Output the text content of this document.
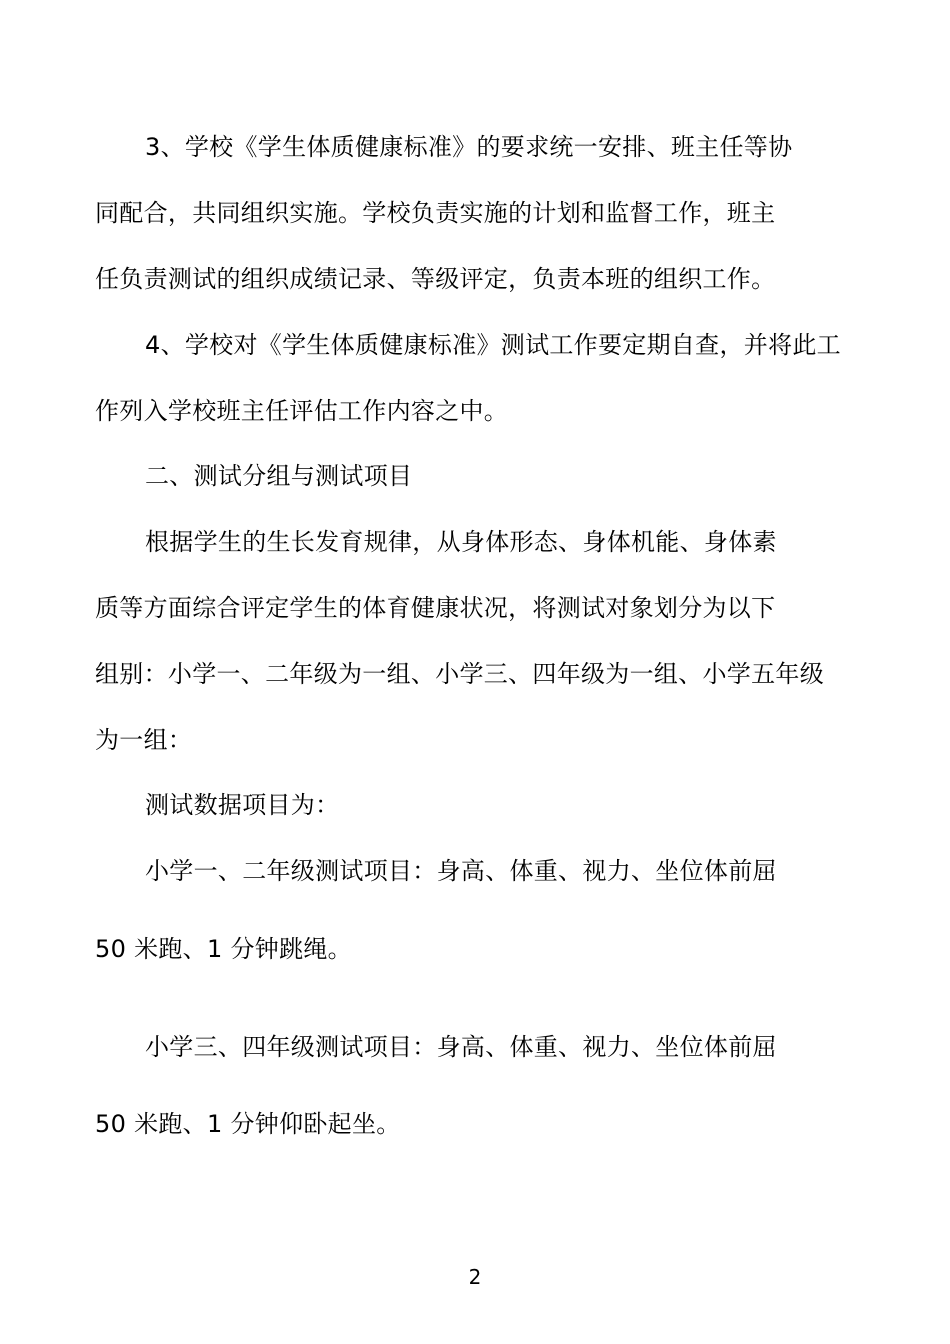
3、学校《学生体质健康标准》的要求统一安排、班主任等协
同配合，共同组织实施。学校负责实施的计划和监督工作，班主
任负责测试的组织成绩记录、等级评定，负责本班的组织工作。
4、学校对《学生体质健康标准》测试工作要定期自查，并将此工
作列入学校班主任评估工作内容之中。
二、测试分组与测试项目
根据学生的生长发育规律，从身体形态、身体机能、身体素
质等方面综合评定学生的体育健康状况，将测试对象划分为以下
组别：小学一、二年级为一组、小学三、四年级为一组、小学五年级
为一组：
测试数据项目为：
小学一、二年级测试项目：身高、体重、视力、坐位体前屈
50 米跑、1 分钟跳绳。
小学三、四年级测试项目：身高、体重、视力、坐位体前屈
50 米跑、1 分钟仰卧起坐。
2
